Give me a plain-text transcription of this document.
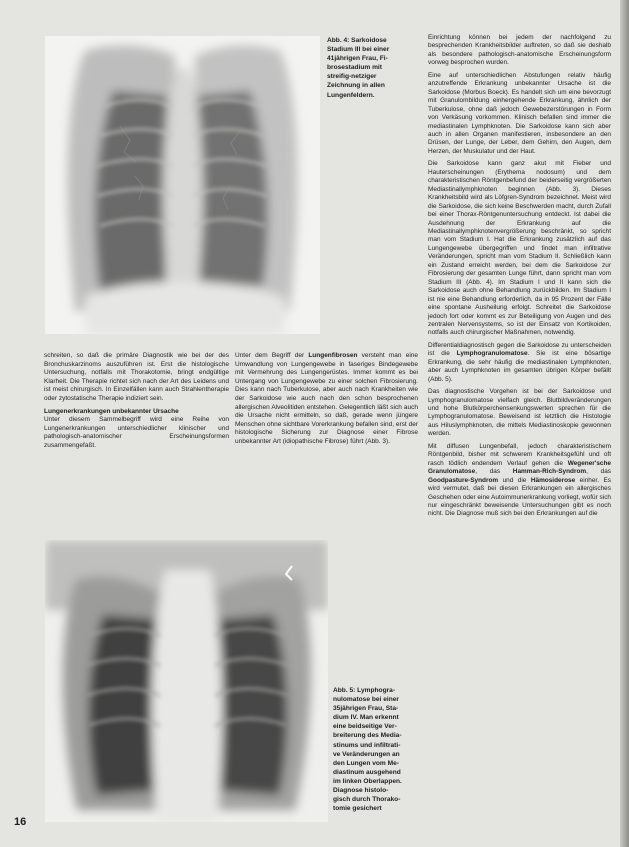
Abb. 4: Sarkoidose
Stadium III bei einer
41jährigen Frau, Fi-
brosestadium mit
streifig-netziger
Zeichnung in allen
Lungenfeldern.

schreiten, so daß die primäre Diagnostik wie bei der des Bronchuskarzinoms auszuführen ist. Erst die histologische Untersuchung, notfalls mit Thorakotomie, bringt endgültige Klarheit. Die Therapie richtet sich nach der Art des Leidens und ist meist chirurgisch. In Einzelfällen kann auch Strahlentherapie oder zytostatische Therapie indiziert sein.

Lungenerkrankungen unbekannter Ursache

Unter diesem Sammelbegriff wird eine Reihe von Lungenerkrankungen unterschiedlicher klinischer und pathologisch-anatomischer Erscheinungsformen zusammengefaßt.

Unter dem Begriff der Lungenfibrosen versteht man eine Umwandlung von Lungengewebe in faseriges Bindegewebe mit Vermehrung des Lungengerüstes. Immer kommt es bei Untergang von Lungengewebe zu einer solchen Fibrosierung. Dies kann nach Tuberkulose, aber auch nach Krankheiten wie der Sarkoidose wie auch nach den schon besprochenen allergischen Alveolitiden entstehen. Gelegentlich läßt sich auch die Ursache nicht ermitteln, so daß, gerade wenn jüngere Menschen ohne sichtbare Vorerkrankung befallen sind, erst der histologische Sicherung zur Diagnose einer Fibrose unbekannter Art (idiopathische Fibrose) führt (Abb. 3).

Abb. 5: Lymphogra-
nulomatose bei einer
35jährigen Frau, Sta-
dium IV. Man erkennt
eine beidseitige Ver-
breiterung des Media-
stinums und infiltrati-
ve Veränderungen an
den Lungen vom Me-
diastinum ausgehend
im linken Oberlappen.
Diagnose histolo-
gisch durch Thorako-
tomie gesichert

Einrichtung können bei jedem der nachfolgend zu besprechenden Krankheitsbilder auftreten, so daß sie deshalb als besondere pathologisch-anatomische Erscheinungsform vorweg besprochen wurden.

Eine auf unterschiedlichen Abstufungen relativ häufig anzutreffende Erkrankung unbekannter Ursache ist die Sarkoidose (Morbus Boeck). Es handelt sich um eine bevorzugt mit Granulombildung einhergehende Erkrankung, ähnlich der Tuberkulose, ohne daß jedoch Gewebezerstörungen in Form von Verkäsung vorkommen. Klinisch befallen sind immer die mediastinalen Lymphknoten. Die Sarkoidose kann sich aber auch in allen Organen manifestieren, insbesondere an den Drüsen, der Lunge, der Leber, dem Gehirn, den Augen, dem Herzen, der Muskulatur und der Haut.

Die Sarkoidose kann ganz akut mit Fieber und Hauterscheinungen (Erythema nodosum) und dem charakteristischen Röntgenbefund der beiderseitig vergrößerten Mediastinallymphknoten beginnen (Abb. 3). Dieses Krankheitsbild wird als Löfgren-Syndrom bezeichnet. Meist wird die Sarkoidose, die sich keine Beschwerden macht, durch Zufall bei einer Thorax-Röntgenuntersuchung entdeckt. Ist dabei die Ausdehnung der Erkrankung auf die Mediastinallymphknotenvergrößerung beschränkt, so spricht man vom Stadium I. Hat die Erkrankung zusätzlich auf das Lungengewebe übergegriffen und findet man infiltrative Veränderungen, spricht man vom Stadium II. Schließlich kann ein Zustand erreicht werden, bei dem die Sarkoidose zur Fibrosierung der gesamten Lunge führt, dann spricht man vom Stadium III (Abb. 4). Im Stadium I und II kann sich die Sarkoidose auch ohne Behandlung zurückbilden. Im Stadium I ist nie eine Behandlung erforderlich, da in 95 Prozent der Fälle eine spontane Ausheilung erfolgt. Schreitet die Sarkoidose jedoch fort oder kommt es zur Beteiligung von Augen und des zentralen Nervensystems, so ist der Einsatz von Kortikoiden, notfalls auch chirurgischer Maßnahmen, notwendig.

Differentialdiagnostisch gegen die Sarkoidose zu unterscheiden ist die Lymphogranulomatose. Sie ist eine bösartige Erkrankung, die sehr häufig die mediastinalen Lymphknoten, aber auch Lymphknoten im gesamten übrigen Körper befällt (Abb. 5).

Das diagnostische Vorgehen ist bei der Sarkoidose und Lymphogranulomatose vielfach gleich. Blutbildveränderungen und hohe Blutkörperchensenkungswerten sprechen für die Lymphogranulomatose. Beweisend ist letztlich die Histologie aus Hiluslymphknoten, die mittels Mediastinoskopie gewonnen werden.

Mit diffusen Lungenbefall, jedoch charakteristischem Röntgenbild, bisher mit schwerem Krankheitsgefühl und oft rasch tödlich endendem Verlauf gehen die Wegener'sche Granulomatose, das Hamman-Rich-Syndrom, das Goodpasture-Syndrom und die Hämosiderose einher. Es wird vermutet, daß bei diesen Erkrankungen ein allergisches Geschehen oder eine Autoimmunerkrankung vorliegt, wofür sich nur eingeschränkt beweisende Untersuchungen gibt es noch nicht. Die Diagnose muß sich bei den Erkrankungen auf die

16
